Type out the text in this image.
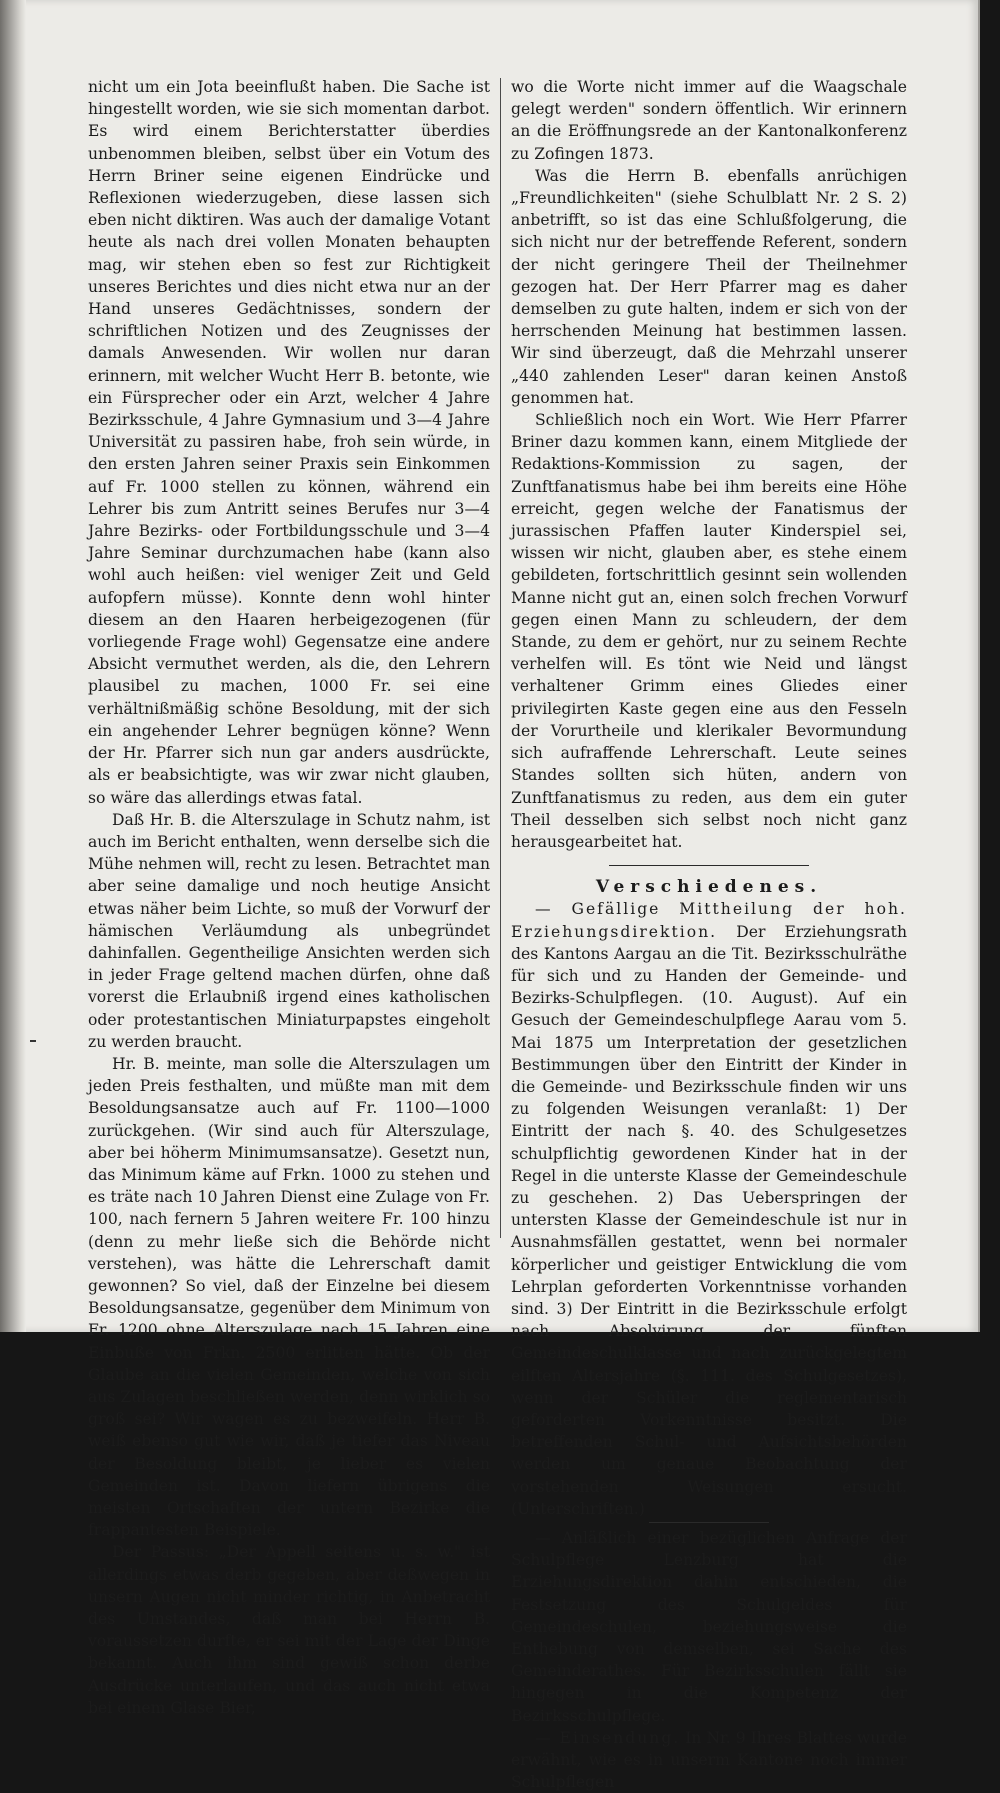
nicht um ein Jota beeinflußt haben. Die Sache ist hingestellt worden, wie sie sich momentan darbot. Es wird einem Berichterstatter überdies unbenommen bleiben, selbst über ein Votum des Herrn Briner seine eigenen Eindrücke und Reflexionen wiederzugeben, diese lassen sich eben nicht diktiren. Was auch der damalige Votant heute als nach drei vollen Monaten behaupten mag, wir stehen eben so fest zur Richtigkeit unseres Berichtes und dies nicht etwa nur an der Hand unseres Gedächtnisses, sondern der schriftlichen Notizen und des Zeugnisses der damals Anwesenden. Wir wollen nur daran erinnern, mit welcher Wucht Herr B. betonte, wie ein Fürsprecher oder ein Arzt, welcher 4 Jahre Bezirksschule, 4 Jahre Gymnasium und 3—4 Jahre Universität zu passiren habe, froh sein würde, in den ersten Jahren seiner Praxis sein Einkommen auf Fr. 1000 stellen zu können, während ein Lehrer bis zum Antritt seines Berufes nur 3—4 Jahre Bezirks- oder Fortbildungsschule und 3—4 Jahre Seminar durchzumachen habe (kann also wohl auch heißen: viel weniger Zeit und Geld aufopfern müsse). Konnte denn wohl hinter diesem an den Haaren herbeigezogenen (für vorliegende Frage wohl) Gegensatze eine andere Absicht vermuthet werden, als die, den Lehrern plausibel zu machen, 1000 Fr. sei eine verhältnißmäßig schöne Besoldung, mit der sich ein angehender Lehrer begnügen könne? Wenn der Hr. Pfarrer sich nun gar anders ausdrückte, als er beabsichtigte, was wir zwar nicht glauben, so wäre das allerdings etwas fatal.

Daß Hr. B. die Alterszulage in Schutz nahm, ist auch im Bericht enthalten, wenn derselbe sich die Mühe nehmen will, recht zu lesen. Betrachtet man aber seine damalige und noch heutige Ansicht etwas näher beim Lichte, so muß der Vorwurf der hämischen Verläumdung als unbegründet dahinfallen. Gegentheilige Ansichten werden sich in jeder Frage geltend machen dürfen, ohne daß vorerst die Erlaubniß irgend eines katholischen oder protestantischen Miniaturpapstes eingeholt zu werden braucht.

Hr. B. meinte, man solle die Alterszulagen um jeden Preis festhalten, und müßte man mit dem Besoldungsansatze auch auf Fr. 1100—1000 zurückgehen. (Wir sind auch für Alterszulage, aber bei höherm Minimumsansatze). Gesetzt nun, das Minimum käme auf Frkn. 1000 zu stehen und es träte nach 10 Jahren Dienst eine Zulage von Fr. 100, nach fernern 5 Jahren weitere Fr. 100 hinzu (denn zu mehr ließe sich die Behörde nicht verstehen), was hätte die Lehrerschaft damit gewonnen? So viel, daß der Einzelne bei diesem Besoldungsansatze, gegenüber dem Minimum von Fr. 1200 ohne Alterszulage nach 15 Jahren eine Einbuße von Frkn. 2500 erlitten hätte. Ob der Glaube an die vielen Gemeinden, welche von sich aus Zulagen beschließen werden, denn wirklich so groß sei? Wir wagen es zu bezweifeln. Herr B. weiß ebenso gut wie wir, daß je tiefer das Niveau der Besoldung bleibt, je lieber es vielen Gemeinden ist. Davon liefern übrigens die meisten Ortschaften der untern Bezirke die frappantesten Beispiele.

Der Passus: „Der Appell seitens u. s. w." ist allerdings etwas derb gegeben, aber deßwegen in unsern Augen nicht minder richtig, in Anbetracht des Umstandes, daß man bei Herrn B. voraussetzen durfte, er sei mit der Lage der Dinge bekannt. Auch ihm sind gewiß schon derbe Ausdrücke unterlaufen, und das auch nicht etwa bei einem Glase Bier,

wo die Worte nicht immer auf die Waagschale gelegt werden" sondern öffentlich. Wir erinnern an die Eröffnungsrede an der Kantonalkonferenz zu Zofingen 1873.

Was die Herrn B. ebenfalls anrüchigen „Freundlichkeiten" (siehe Schulblatt Nr. 2 S. 2) anbetrifft, so ist das eine Schlußfolgerung, die sich nicht nur der betreffende Referent, sondern der nicht geringere Theil der Theilnehmer gezogen hat. Der Herr Pfarrer mag es daher demselben zu gute halten, indem er sich von der herrschenden Meinung hat bestimmen lassen. Wir sind überzeugt, daß die Mehrzahl unserer „440 zahlenden Leser" daran keinen Anstoß genommen hat.

Schließlich noch ein Wort. Wie Herr Pfarrer Briner dazu kommen kann, einem Mitgliede der Redaktions-Kommission zu sagen, der Zunftfanatismus habe bei ihm bereits eine Höhe erreicht, gegen welche der Fanatismus der jurassischen Pfaffen lauter Kinderspiel sei, wissen wir nicht, glauben aber, es stehe einem gebildeten, fortschrittlich gesinnt sein wollenden Manne nicht gut an, einen solch frechen Vorwurf gegen einen Mann zu schleudern, der dem Stande, zu dem er gehört, nur zu seinem Rechte verhelfen will. Es tönt wie Neid und längst verhaltener Grimm eines Gliedes einer privilegirten Kaste gegen eine aus den Fesseln der Vorurtheile und klerikaler Bevormundung sich aufraffende Lehrerschaft. Leute seines Standes sollten sich hüten, andern von Zunftfanatismus zu reden, aus dem ein guter Theil desselben sich selbst noch nicht ganz herausgearbeitet hat.

Verschiedenes.

— Gefällige Mittheilung der hoh. Erziehungsdirektion. Der Erziehungsrath des Kantons Aargau an die Tit. Bezirksschulräthe für sich und zu Handen der Gemeinde- und Bezirks-Schulpflegen. (10. August). Auf ein Gesuch der Gemeindeschulpflege Aarau vom 5. Mai 1875 um Interpretation der gesetzlichen Bestimmungen über den Eintritt der Kinder in die Gemeinde- und Bezirksschule finden wir uns zu folgenden Weisungen veranlaßt: 1) Der Eintritt der nach §. 40. des Schulgesetzes schulpflichtig gewordenen Kinder hat in der Regel in die unterste Klasse der Gemeindeschule zu geschehen. 2) Das Ueberspringen der untersten Klasse der Gemeindeschule ist nur in Ausnahmsfällen gestattet, wenn bei normaler körperlicher und geistiger Entwicklung die vom Lehrplan geforderten Vorkenntnisse vorhanden sind. 3) Der Eintritt in die Bezirksschule erfolgt nach Absolvirung der fünften Gemeindeschulklasse und nach zurückgelegtem eilften Altersjahre (§. 111. des Schulgesetzes), wenn der Schüler die reglementarisch geforderten Vorkenntnisse besitzt. Die betreffenden Schul- und Aufsichtsbehörden werden um genaue Beobachtung der vorstehenden Weisungen ersucht. (Unterschriften.)

— Anläßlich einer bezüglichen Anfrage der Schulpflege Lenzburg hat die Erziehungsdirektion dahin entschieden, die Festsetzung des Schulgeldes für Gemeindeschulen, beziehungsweise die Enthebung von demselben, sei Sache des Gemeinderathes. Für Bezirksschulen fällt sie hingegen in die Kompetenz der Bezirksschulpflege.

— Einsendung. In Nr. 9 Ihres Blattes wurde erwähnt, wie es in unserm Kantone noch immer Schulpflegen
